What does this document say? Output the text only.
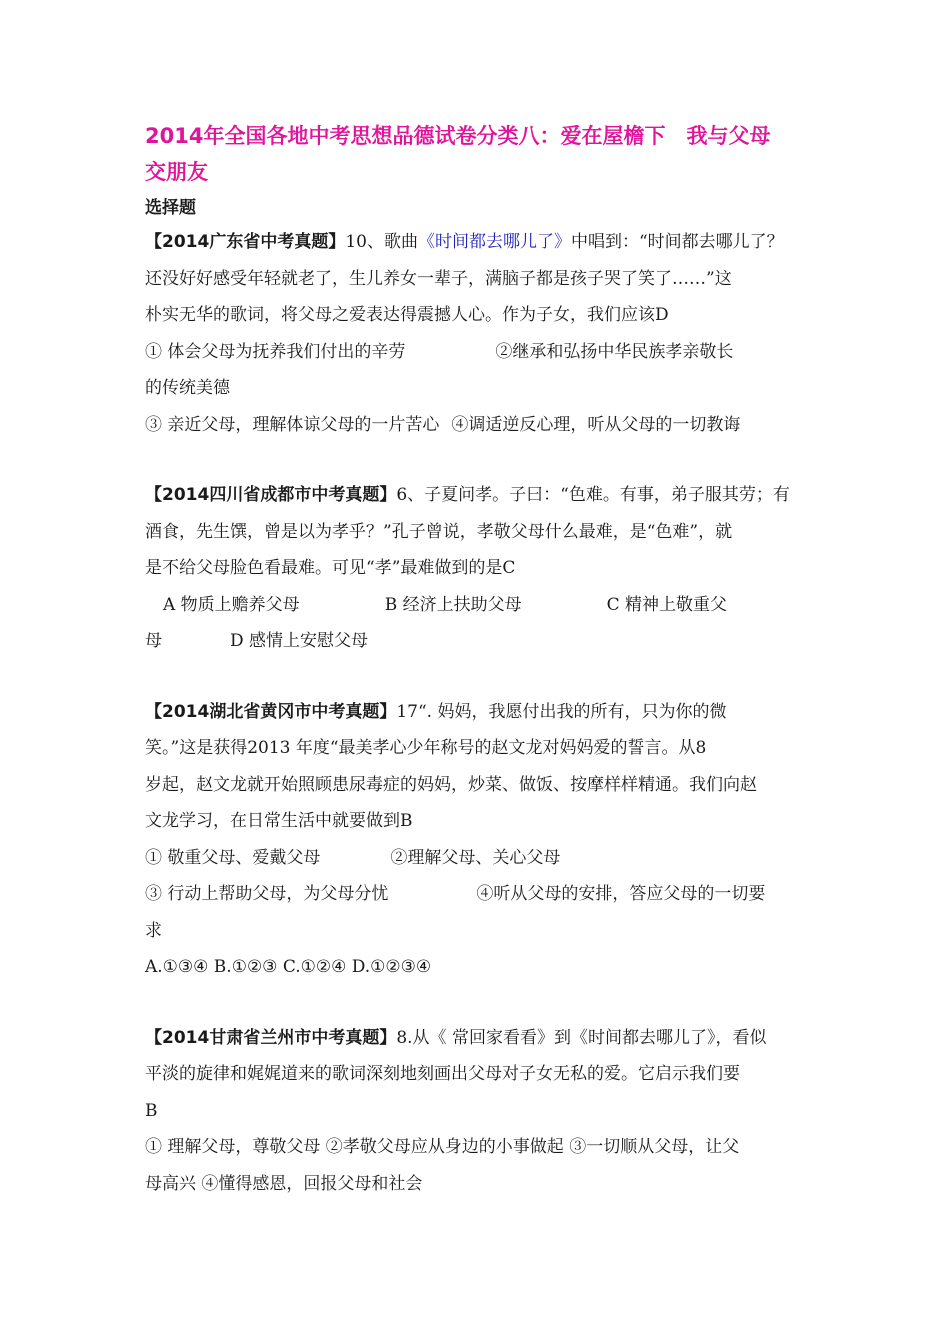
2014年全国各地中考思想品德试卷分类八：爱在屋檐下　我与父母
交朋友
选择题
【2014广东省中考真题】10、歌曲《时间都去哪儿了》中唱到：“时间都去哪儿了？
还没好好感受年轻就老了，生儿养女一辈子，满脑子都是孩子哭了笑了……”这
朴实无华的歌词，将父母之爱表达得震撼人心。作为子女，我们应该D
① 体会父母为抚养我们付出的辛劳	②继承和弘扬中华民族孝亲敬长
的传统美德
③ 亲近父母，理解体谅父母的一片苦心 ④调适逆反心理，听从父母的一切教诲
【2014四川省成都市中考真题】6、子夏问孝。子曰：“色难。有事，弟子服其劳；有
酒食，先生馔，曾是以为孝乎？”孔子曾说，孝敬父母什么最难，是“色难”，就
是不给父母脸色看最难。可见“孝”最难做到的是C
A 物质上赡养父母	B 经济上扶助父母	C 精神上敬重父
母	D 感情上安慰父母
【2014湖北省黄冈市中考真题】17“. 妈妈，我愿付出我的所有，只为你的微
笑。”这是获得2013 年度“最美孝心少年称号的赵文龙对妈妈爱的誓言。从8
岁起，赵文龙就开始照顾患尿毒症的妈妈，炒菜、做饭、按摩样样精通。我们向赵
文龙学习，在日常生活中就要做到B
① 敬重父母、爱戴父母	②理解父母、关心父母
③ 行动上帮助父母，为父母分忧	④听从父母的安排，答应父母的一切要
求
A.①③④ B.①②③ C.①②④ D.①②③④
【2014甘肃省兰州市中考真题】8.从《 常回家看看》到《时间都去哪儿了》，看似
平淡的旋律和娓娓道来的歌词深刻地刻画出父母对子女无私的爱。它启示我们要
B
① 理解父母，尊敬父母 ②孝敬父母应从身边的小事做起 ③一切顺从父母，让父
母高兴 ④懂得感恩，回报父母和社会
